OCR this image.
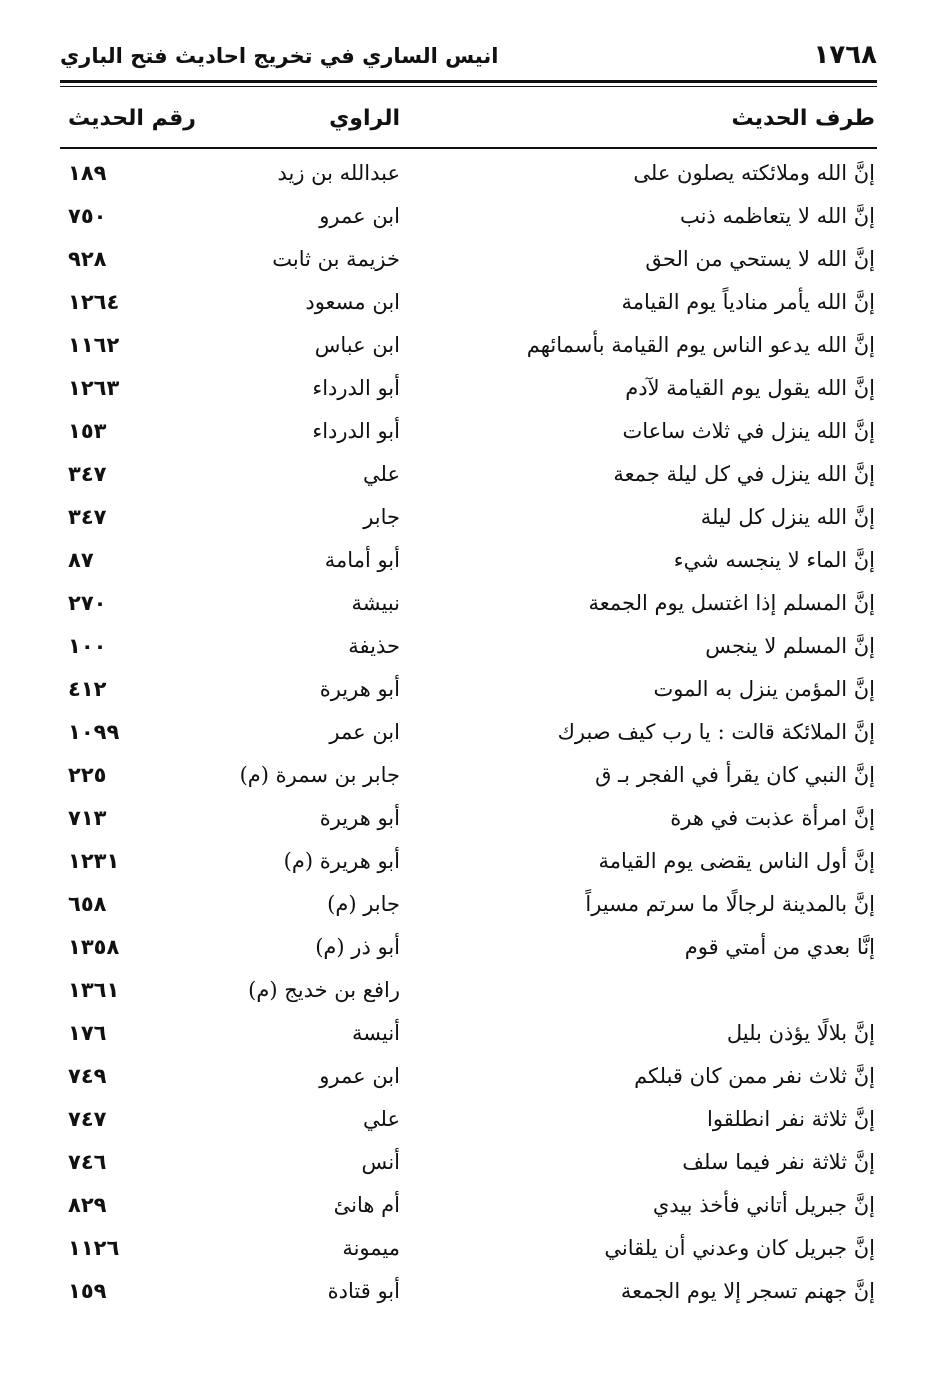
١٧٦٨
انيس الساري في تخريج احاديث فتح الباري
طرف الحديث
الراوي
رقم الحديث
إنَّ الله وملائكته يصلون على
عبدالله بن زيد
١٨٩
إنَّ الله لا يتعاظمه ذنب
ابن عمرو
٧٥٠
إنَّ الله لا يستحي من الحق
خزيمة بن ثابت
٩٢٨
إنَّ الله يأمر منادياً يوم القيامة
ابن مسعود
١٢٦٤
إنَّ الله يدعو الناس يوم القيامة بأسمائهم
ابن عباس
١١٦٢
إنَّ الله يقول يوم القيامة لآدم
أبو الدرداء
١٢٦٣
إنَّ الله ينزل في ثلاث ساعات
أبو الدرداء
١٥٣
إنَّ الله ينزل في كل ليلة جمعة
علي
٣٤٧
إنَّ الله ينزل كل ليلة
جابر
٣٤٧
إنَّ الماء لا ينجسه شيء
أبو أمامة
٨٧
إنَّ المسلم إذا اغتسل يوم الجمعة
نبيشة
٢٧٠
إنَّ المسلم لا ينجس
حذيفة
١٠٠
إنَّ المؤمن ينزل به الموت
أبو هريرة
٤١٢
إنَّ الملائكة قالت : يا رب كيف صبرك
ابن عمر
١٠٩٩
إنَّ النبي كان يقرأ في الفجر بـ ق
جابر بن سمرة (م)
٢٢٥
إنَّ امرأة عذبت في هرة
أبو هريرة
٧١٣
إنَّ أول الناس يقضى يوم القيامة
أبو هريرة (م)
١٢٣١
إنَّ بالمدينة لرجالًا ما سرتم مسيراً
جابر (م)
٦٥٨
إنَّا بعدي من أمتي قوم
أبو ذر (م)
١٣٥٨
رافع بن خديج (م)
١٣٦١
إنَّ بلالًا يؤذن بليل
أنيسة
١٧٦
إنَّ ثلاث نفر ممن كان قبلكم
ابن عمرو
٧٤٩
إنَّ ثلاثة نفر انطلقوا
علي
٧٤٧
إنَّ ثلاثة نفر فيما سلف
أنس
٧٤٦
إنَّ جبريل أتاني فأخذ بيدي
أم هانئ
٨٢٩
إنَّ جبريل كان وعدني أن يلقاني
ميمونة
١١٢٦
إنَّ جهنم تسجر إلا يوم الجمعة
أبو قتادة
١٥٩
